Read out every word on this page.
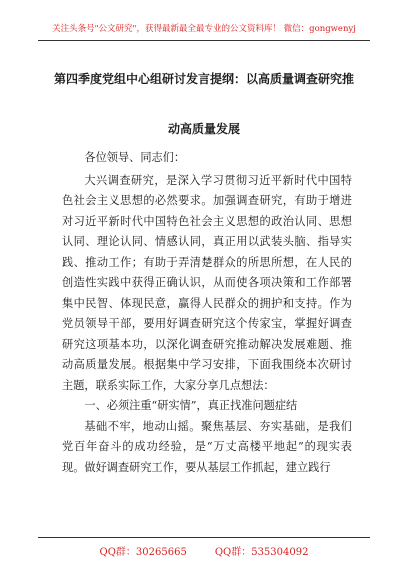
关注头条号"公文研究"，获得最新最全最专业的公文资料库！ 微信：gongwenyj
第四季度党组中心组研讨发言提纲：以高质量调查研究推
动高质量发展

各位领导、同志们：

大兴调查研究，是深入学习贯彻习近平新时代中国特色社会主义思想的必然要求。加强调查研究，有助于增进对习近平新时代中国特色社会主义思想的政治认同、思想认同、理论认同、情感认同，真正用以武装头脑、指导实践、推动工作；有助于弄清楚群众的所思所想，在人民的创造性实践中获得正确认识，从而使各项决策和工作部署集中民智、体现民意，赢得人民群众的拥护和支持。作为党员领导干部，要用好调查研究这个传家宝，掌握好调查研究这项基本功，以深化调查研究推动解决发展难题、推动高质量发展。根据集中学习安排，下面我围绕本次研讨主题，联系实际工作，大家分享几点想法：

一、必须注重“研实情”，真正找准问题症结

基础不牢，地动山摇。聚焦基层、夯实基础，是我们党百年奋斗的成功经验，是“万丈高楼平地起”的现实表现。做好调查研究工作，要从基层工作抓起，建立践行

QQ群：30265665	QQ群：535304092
